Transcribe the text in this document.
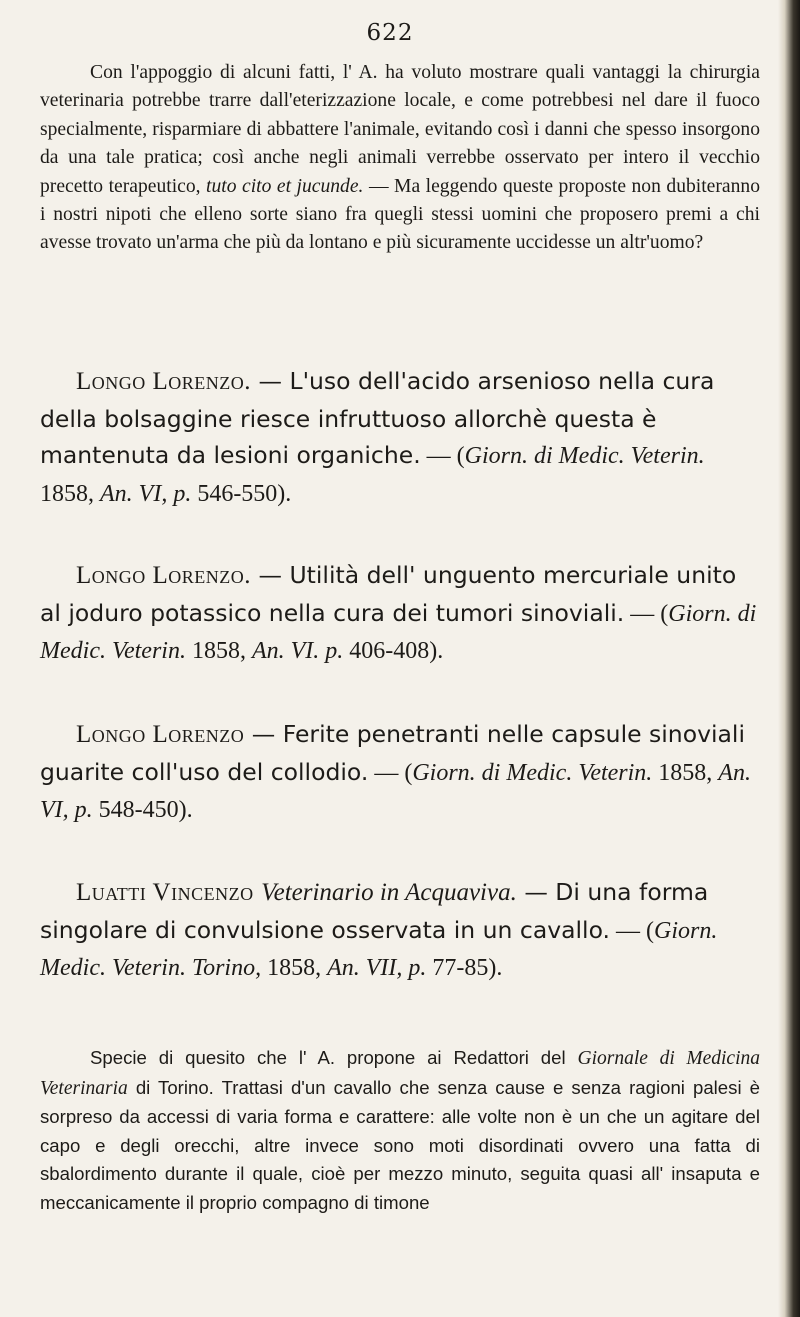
622

Con l'appoggio di alcuni fatti, l' A. ha voluto mostrare quali vantaggi la chirurgia veterinaria potrebbe trarre dall'eterizzazione locale, e come potrebbesi nel dare il fuoco specialmente, risparmiare di abbattere l'animale, evitando così i danni che spesso insorgono da una tale pratica; così anche negli animali verrebbe osservato per intero il vecchio precetto terapeutico, tuto cito et jucunde. — Ma leggendo queste proposte non dubiteranno i nostri nipoti che elleno sorte siano fra quegli stessi uomini che proposero premi a chi avesse trovato un'arma che più da lontano e più sicuramente uccidesse un altr'uomo?

Longo Lorenzo. — L'uso dell'acido arsenioso nella cura della bolsaggine riesce infruttuoso allorchè questa è mantenuta da lesioni organiche. — (Giorn. di Medic. Veterin. 1858, An. VI, p. 546-550).

Longo Lorenzo. — Utilità dell' unguento mercuriale unito al joduro potassico nella cura dei tumori sinoviali. — (Giorn. di Medic. Veterin. 1858, An. VI. p. 406-408).

Longo Lorenzo — Ferite penetranti nelle capsule sinoviali guarite coll'uso del collodio. — (Giorn. di Medic. Veterin. 1858, An. VI, p. 548-450).

Luatti Vincenzo Veterinario in Acquaviva. — Di una forma singolare di convulsione osservata in un cavallo. — (Giorn. Medic. Veterin. Torino, 1858, An. VII, p. 77-85).

Specie di quesito che l' A. propone ai Redattori del Giornale di Medicina Veterinaria di Torino. Trattasi d'un cavallo che senza cause e senza ragioni palesi è sorpreso da accessi di varia forma e carattere: alle volte non è un che un agitare del capo e degli orecchi, altre invece sono moti disordinati ovvero una fatta di sbalordimento durante il quale, cioè per mezzo minuto, seguita quasi all' insaputa e meccanicamente il proprio compagno di timone
